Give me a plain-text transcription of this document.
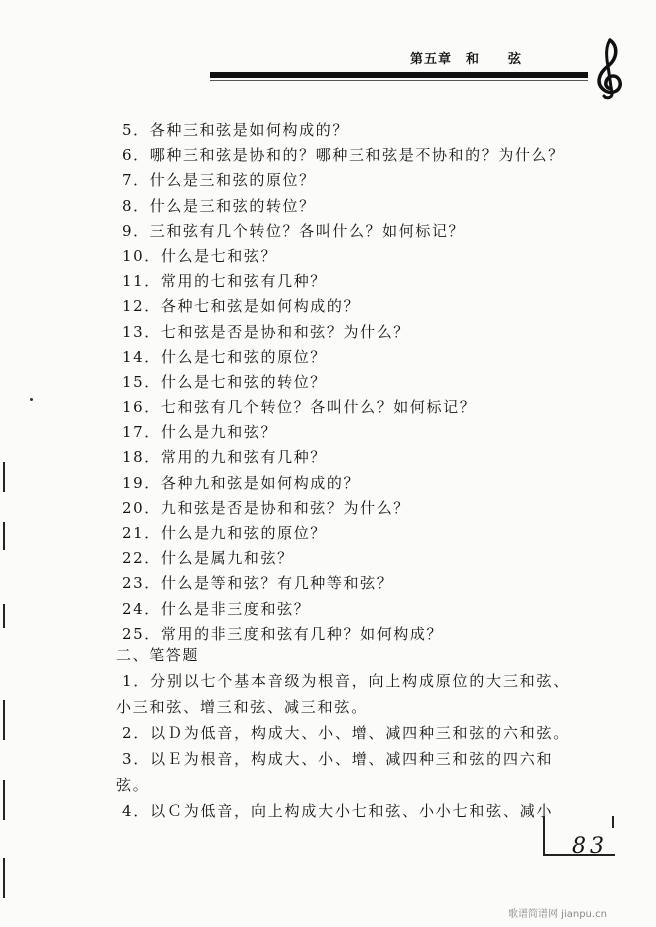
第五章　和　　弦
5．各种三和弦是如何构成的？
6．哪种三和弦是协和的？哪种三和弦是不协和的？为什么？
7．什么是三和弦的原位？
8．什么是三和弦的转位？
9．三和弦有几个转位？各叫什么？如何标记？
10．什么是七和弦？
11．常用的七和弦有几种？
12．各种七和弦是如何构成的？
13．七和弦是否是协和和弦？为什么？
14．什么是七和弦的原位？
15．什么是七和弦的转位？
16．七和弦有几个转位？各叫什么？如何标记？
17．什么是九和弦？
18．常用的九和弦有几种？
19．各种九和弦是如何构成的？
20．九和弦是否是协和和弦？为什么？
21．什么是九和弦的原位？
22．什么是属九和弦？
23．什么是等和弦？有几种等和弦？
24．什么是非三度和弦？
25．常用的非三度和弦有几种？如何构成？
二、笔答题
1．分别以七个基本音级为根音，向上构成原位的大三和弦、
小三和弦、增三和弦、减三和弦。
2．以Ｄ为低音，构成大、小、增、减四种三和弦的六和弦。
3．以Ｅ为根音，构成大、小、增、减四种三和弦的四六和
弦。
4．以Ｃ为低音，向上构成大小七和弦、小小七和弦、减小
83
歌谱简谱网 jianpu.cn
